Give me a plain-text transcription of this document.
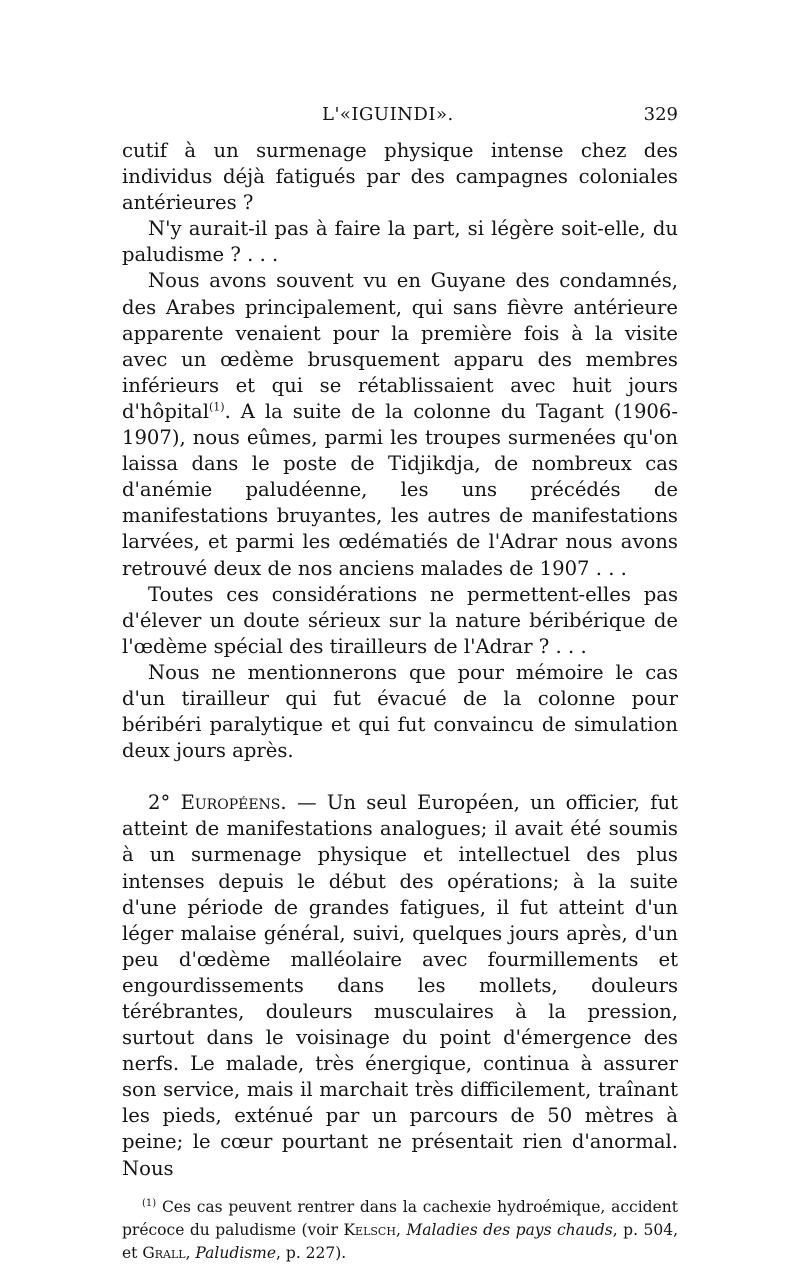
L'«IGUINDI».	329

cutif à un surmenage physique intense chez des individus déjà fatigués par des campagnes coloniales antérieures ?

N'y aurait-il pas à faire la part, si légère soit-elle, du paludisme ? . . .

Nous avons souvent vu en Guyane des condamnés, des Arabes principalement, qui sans fièvre antérieure apparente venaient pour la première fois à la visite avec un œdème brusquement apparu des membres inférieurs et qui se rétablissaient avec huit jours d'hôpital$^{(1)}$. A la suite de la colonne du Tagant (1906-1907), nous eûmes, parmi les troupes surmenées qu'on laissa dans le poste de Tidjikdja, de nombreux cas d'anémie paludéenne, les uns précédés de manifestations bruyantes, les autres de manifestations larvées, et parmi les œdématiés de l'Adrar nous avons retrouvé deux de nos anciens malades de 1907 . . .

Toutes ces considérations ne permettent-elles pas d'élever un doute sérieux sur la nature béribérique de l'œdème spécial des tirailleurs de l'Adrar ? . . .

Nous ne mentionnerons que pour mémoire le cas d'un tirailleur qui fut évacué de la colonne pour béribéri paralytique et qui fut convaincu de simulation deux jours après.

2° Européens. — Un seul Européen, un officier, fut atteint de manifestations analogues; il avait été soumis à un surmenage physique et intellectuel des plus intenses depuis le début des opérations; à la suite d'une période de grandes fatigues, il fut atteint d'un léger malaise général, suivi, quelques jours après, d'un peu d'œdème malléolaire avec fourmillements et engourdissements dans les mollets, douleurs térébrantes, douleurs musculaires à la pression, surtout dans le voisinage du point d'émergence des nerfs. Le malade, très énergique, continua à assurer son service, mais il marchait très difficilement, traînant les pieds, exténué par un parcours de 50 mètres à peine; le cœur pourtant ne présentait rien d'anormal. Nous

$^{(1)}$ Ces cas peuvent rentrer dans la cachexie hydroémique, accident précoce du paludisme (voir Kelsch, Maladies des pays chauds, p. 504, et Grall, Paludisme, p. 227).
